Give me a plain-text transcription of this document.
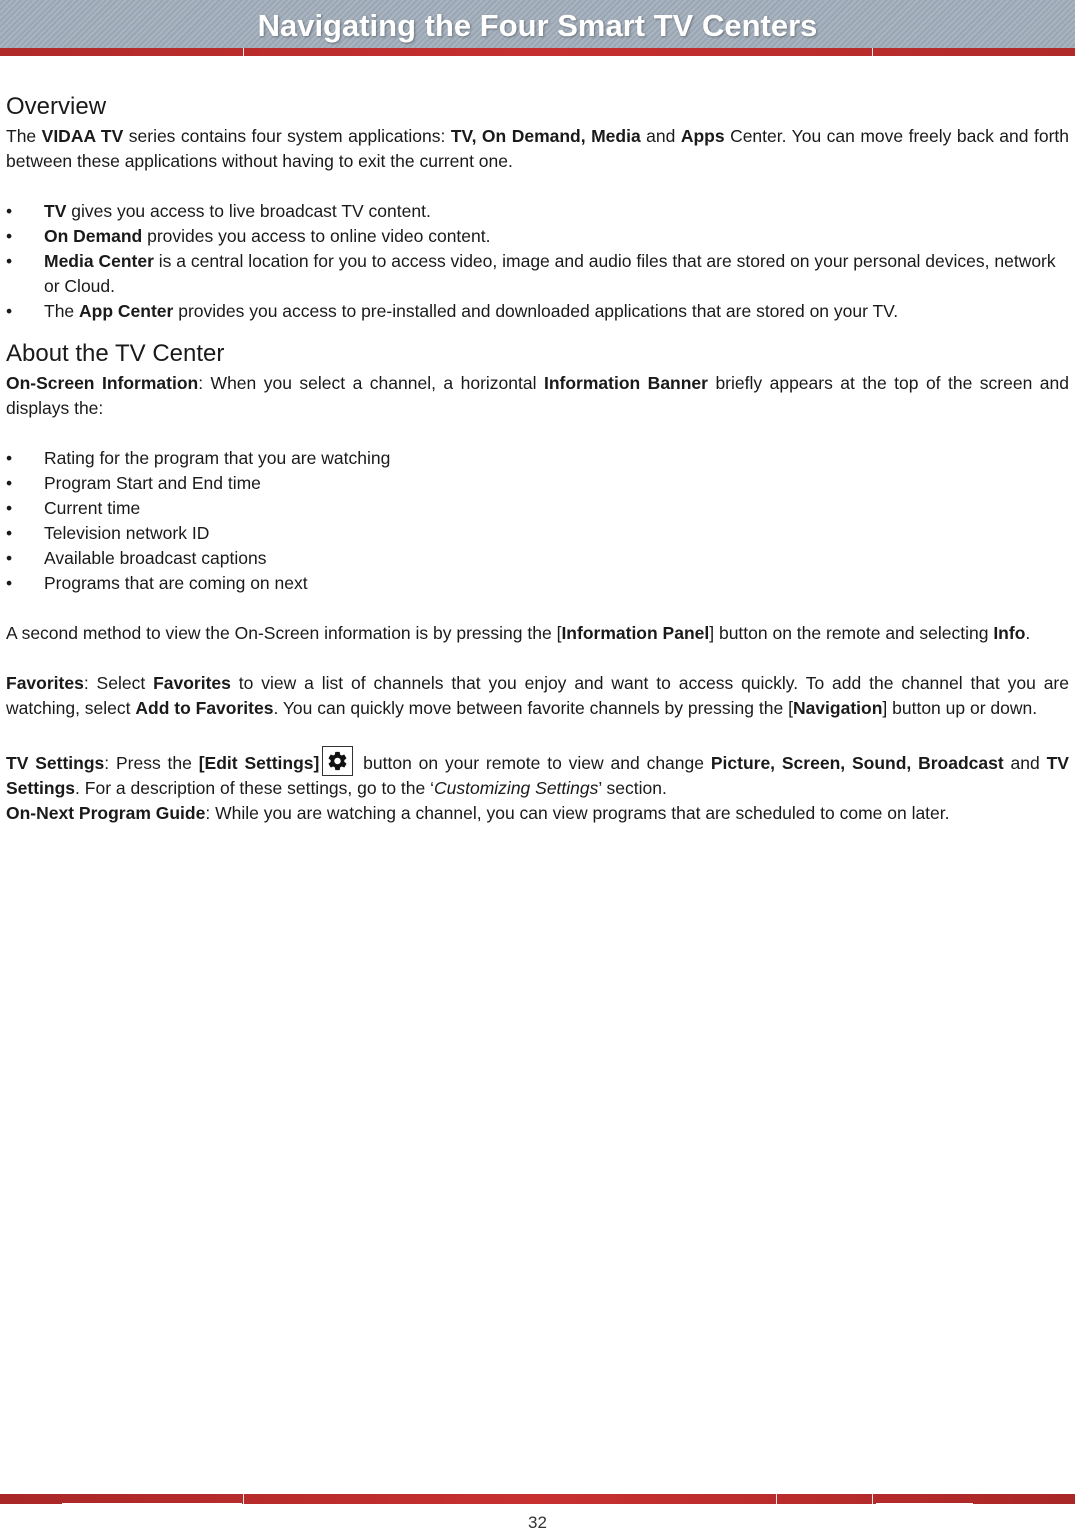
Navigating the Four Smart TV Centers
Overview

The VIDAA TV series contains four system applications: TV, On Demand, Media and Apps Center. You can move freely back and forth between these applications without having to exit the current one.

•	TV gives you access to live broadcast TV content.
•	On Demand provides you access to online video content.
•	Media Center is a central location for you to access video, image and audio files that are stored on your personal devices, network or Cloud.
•	The App Center provides you access to pre-installed and downloaded applications that are stored on your TV.
About the TV Center

On-Screen Information: When you select a channel, a horizontal Information Banner briefly appears at the top of the screen and displays the:

•	Rating for the program that you are watching
•	Program Start and End time
•	Current time
•	Television network ID
•	Available broadcast captions
•	Programs that are coming on next

A second method to view the On-Screen information is by pressing the [Information Panel] button on the remote and selecting Info.

Favorites: Select Favorites to view a list of channels that you enjoy and want to access quickly. To add the channel that you are watching, select Add to Favorites. You can quickly move between favorite channels by pressing the [Navigation] button up or down.

TV Settings: Press the [Edit Settings]
button on your remote to view and change Picture, Screen, Sound, Broadcast and TV Settings. For a description of these settings, go to the ‘Customizing Settings’ section.

On-Next Program Guide: While you are watching a channel, you can view programs that are scheduled to come on later.

32
